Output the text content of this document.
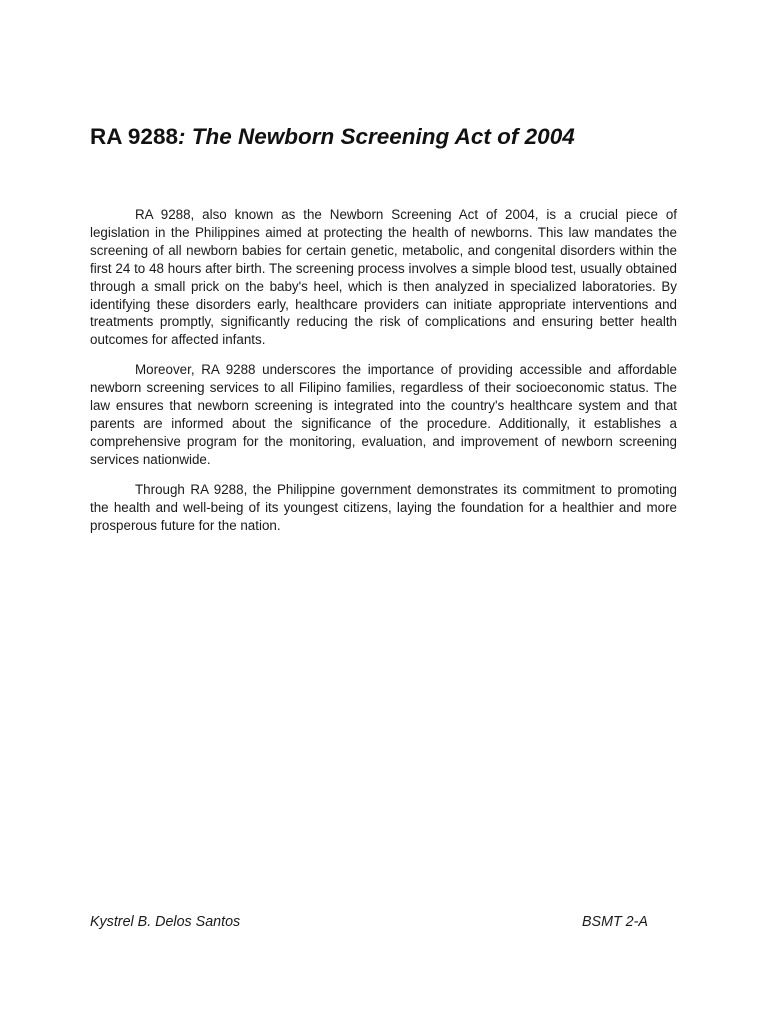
RA 9288: The Newborn Screening Act of 2004

RA 9288, also known as the Newborn Screening Act of 2004, is a crucial piece of legislation in the Philippines aimed at protecting the health of newborns. This law mandates the screening of all newborn babies for certain genetic, metabolic, and congenital disorders within the first 24 to 48 hours after birth. The screening process involves a simple blood test, usually obtained through a small prick on the baby's heel, which is then analyzed in specialized laboratories. By identifying these disorders early, healthcare providers can initiate appropriate interventions and treatments promptly, significantly reducing the risk of complications and ensuring better health outcomes for affected infants.

Moreover, RA 9288 underscores the importance of providing accessible and affordable newborn screening services to all Filipino families, regardless of their socioeconomic status. The law ensures that newborn screening is integrated into the country's healthcare system and that parents are informed about the significance of the procedure. Additionally, it establishes a comprehensive program for the monitoring, evaluation, and improvement of newborn screening services nationwide.

Through RA 9288, the Philippine government demonstrates its commitment to promoting the health and well-being of its youngest citizens, laying the foundation for a healthier and more prosperous future for the nation.

Kystrel B. Delos Santos	BSMT 2-A
